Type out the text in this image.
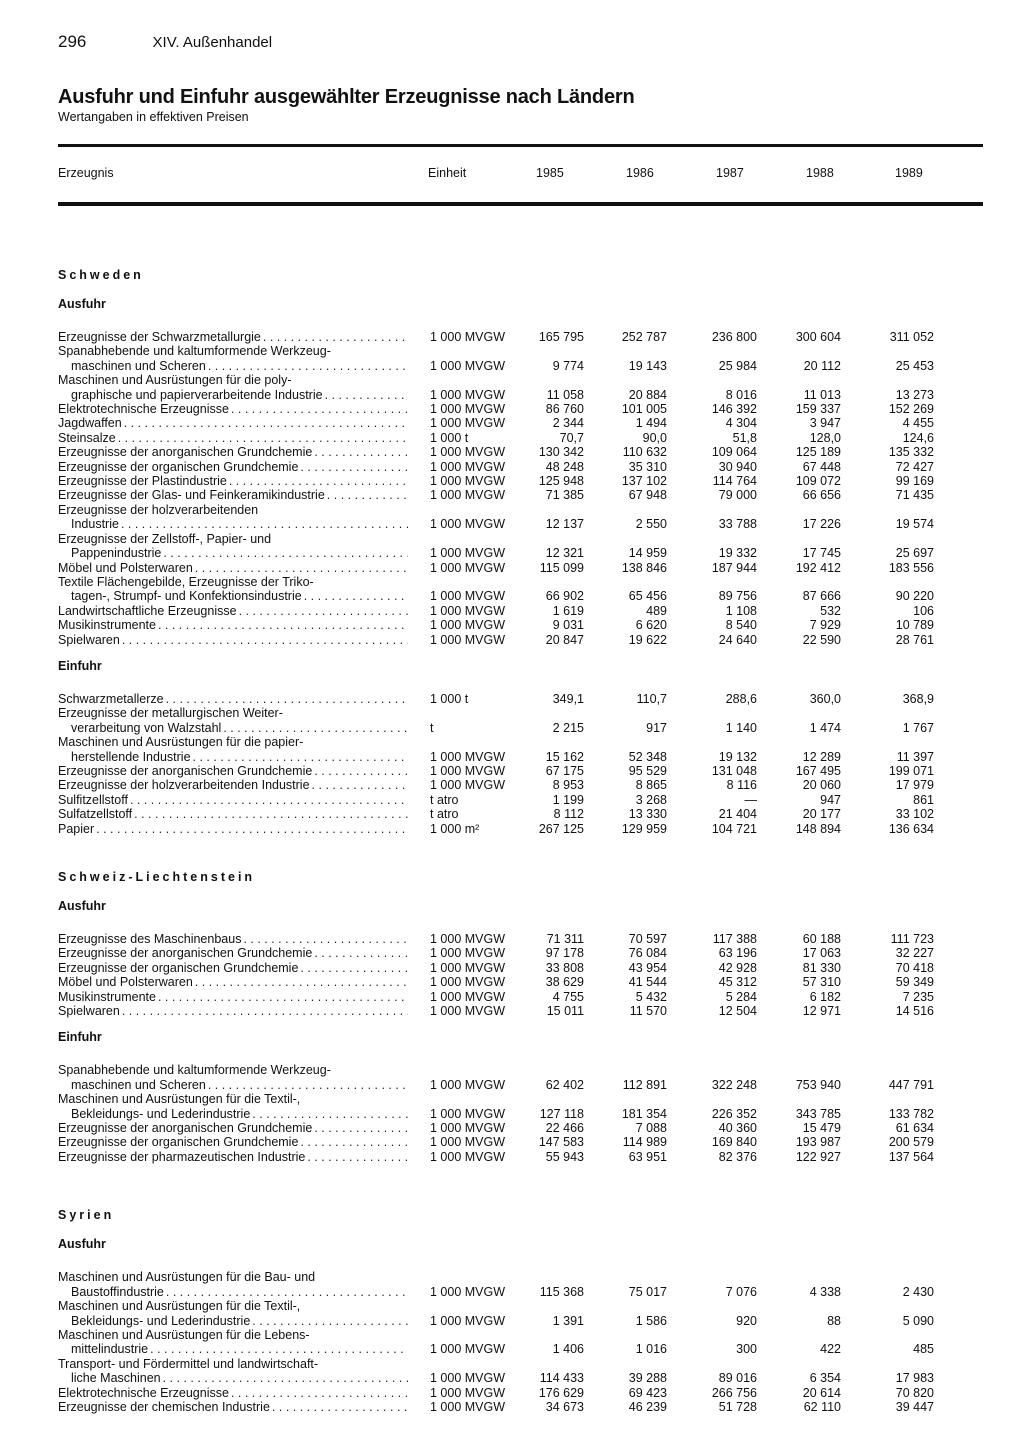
296	XIV. Außenhandel
Ausfuhr und Einfuhr ausgewählter Erzeugnisse nach Ländern
Wertangaben in effektiven Preisen
Erzeugnis	Einheit	1985	1986	1987	1988	1989
Schweden
Ausfuhr
Erzeugnisse der Schwarzmetallurgie . . .	1 000 MVGW	165 795	252 787	236 800	300 604	311 052
Spanabhebende und kaltumformende Werkzeug-
maschinen und Scheren . . .	1 000 MVGW	9 774	19 143	25 984	20 112	25 453
Maschinen und Ausrüstungen für die poly-
graphische und papierverarbeitende Industrie . . .	1 000 MVGW	11 058	20 884	8 016	11 013	13 273
Elektrotechnische Erzeugnisse . . .	1 000 MVGW	86 760	101 005	146 392	159 337	152 269
Jagdwaffen . . .	1 000 MVGW	2 344	1 494	4 304	3 947	4 455
Steinsalze . . .	1 000 t	70,7	90,0	51,8	128,0	124,6
Erzeugnisse der anorganischen Grundchemie . . .	1 000 MVGW	130 342	110 632	109 064	125 189	135 332
Erzeugnisse der organischen Grundchemie . . .	1 000 MVGW	48 248	35 310	30 940	67 448	72 427
Erzeugnisse der Plastindustrie . . .	1 000 MVGW	125 948	137 102	114 764	109 072	99 169
Erzeugnisse der Glas- und Feinkeramikindustrie . . .	1 000 MVGW	71 385	67 948	79 000	66 656	71 435
Erzeugnisse der holzverarbeitenden
Industrie . . .	1 000 MVGW	12 137	2 550	33 788	17 226	19 574
Erzeugnisse der Zellstoff-, Papier- und
Pappenindustrie . . .	1 000 MVGW	12 321	14 959	19 332	17 745	25 697
Möbel und Polsterwaren . . .	1 000 MVGW	115 099	138 846	187 944	192 412	183 556
Textile Flächengebilde, Erzeugnisse der Triko-
tagen-, Strumpf- und Konfektionsindustrie . . .	1 000 MVGW	66 902	65 456	89 756	87 666	90 220
Landwirtschaftliche Erzeugnisse . . .	1 000 MVGW	1 619	489	1 108	532	106
Musikinstrumente . . .	1 000 MVGW	9 031	6 620	8 540	7 929	10 789
Spielwaren . . .	1 000 MVGW	20 847	19 622	24 640	22 590	28 761
Einfuhr
Schwarzmetallerze . . .	1 000 t	349,1	110,7	288,6	360,0	368,9
Erzeugnisse der metallurgischen Weiter-
verarbeitung von Walzstahl . . .	t	2 215	917	1 140	1 474	1 767
Maschinen und Ausrüstungen für die papier-
herstellende Industrie . . .	1 000 MVGW	15 162	52 348	19 132	12 289	11 397
Erzeugnisse der anorganischen Grundchemie . . .	1 000 MVGW	67 175	95 529	131 048	167 495	199 071
Erzeugnisse der holzverarbeitenden Industrie . . .	1 000 MVGW	8 953	8 865	8 116	20 060	17 979
Sulfitzellstoff . . .	t atro	1 199	3 268	—	947	861
Sulfatzellstoff . . .	t atro	8 112	13 330	21 404	20 177	33 102
Papier . . .	1 000 m²	267 125	129 959	104 721	148 894	136 634
Schweiz-Liechtenstein
Ausfuhr
Erzeugnisse des Maschinenbaus . . .	1 000 MVGW	71 311	70 597	117 388	60 188	111 723
Erzeugnisse der anorganischen Grundchemie . . .	1 000 MVGW	97 178	76 084	63 196	17 063	32 227
Erzeugnisse der organischen Grundchemie . . .	1 000 MVGW	33 808	43 954	42 928	81 330	70 418
Möbel und Polsterwaren . . .	1 000 MVGW	38 629	41 544	45 312	57 310	59 349
Musikinstrumente . . .	1 000 MVGW	4 755	5 432	5 284	6 182	7 235
Spielwaren . . .	1 000 MVGW	15 011	11 570	12 504	12 971	14 516
Einfuhr
Spanabhebende und kaltumformende Werkzeug-
maschinen und Scheren . . .	1 000 MVGW	62 402	112 891	322 248	753 940	447 791
Maschinen und Ausrüstungen für die Textil-,
Bekleidungs- und Lederindustrie . . .	1 000 MVGW	127 118	181 354	226 352	343 785	133 782
Erzeugnisse der anorganischen Grundchemie . . .	1 000 MVGW	22 466	7 088	40 360	15 479	61 634
Erzeugnisse der organischen Grundchemie . . .	1 000 MVGW	147 583	114 989	169 840	193 987	200 579
Erzeugnisse der pharmazeutischen Industrie . . .	1 000 MVGW	55 943	63 951	82 376	122 927	137 564
Syrien
Ausfuhr
Maschinen und Ausrüstungen für die Bau- und
Baustoffindustrie . . .	1 000 MVGW	115 368	75 017	7 076	4 338	2 430
Maschinen und Ausrüstungen für die Textil-,
Bekleidungs- und Lederindustrie . . .	1 000 MVGW	1 391	1 586	920	88	5 090
Maschinen und Ausrüstungen für die Lebens-
mittelindustrie . . .	1 000 MVGW	1 406	1 016	300	422	485
Transport- und Fördermittel und landwirtschaft-
liche Maschinen . . .	1 000 MVGW	114 433	39 288	89 016	6 354	17 983
Elektrotechnische Erzeugnisse . . .	1 000 MVGW	176 629	69 423	266 756	20 614	70 820
Erzeugnisse der chemischen Industrie . . .	1 000 MVGW	34 673	46 239	51 728	62 110	39 447
